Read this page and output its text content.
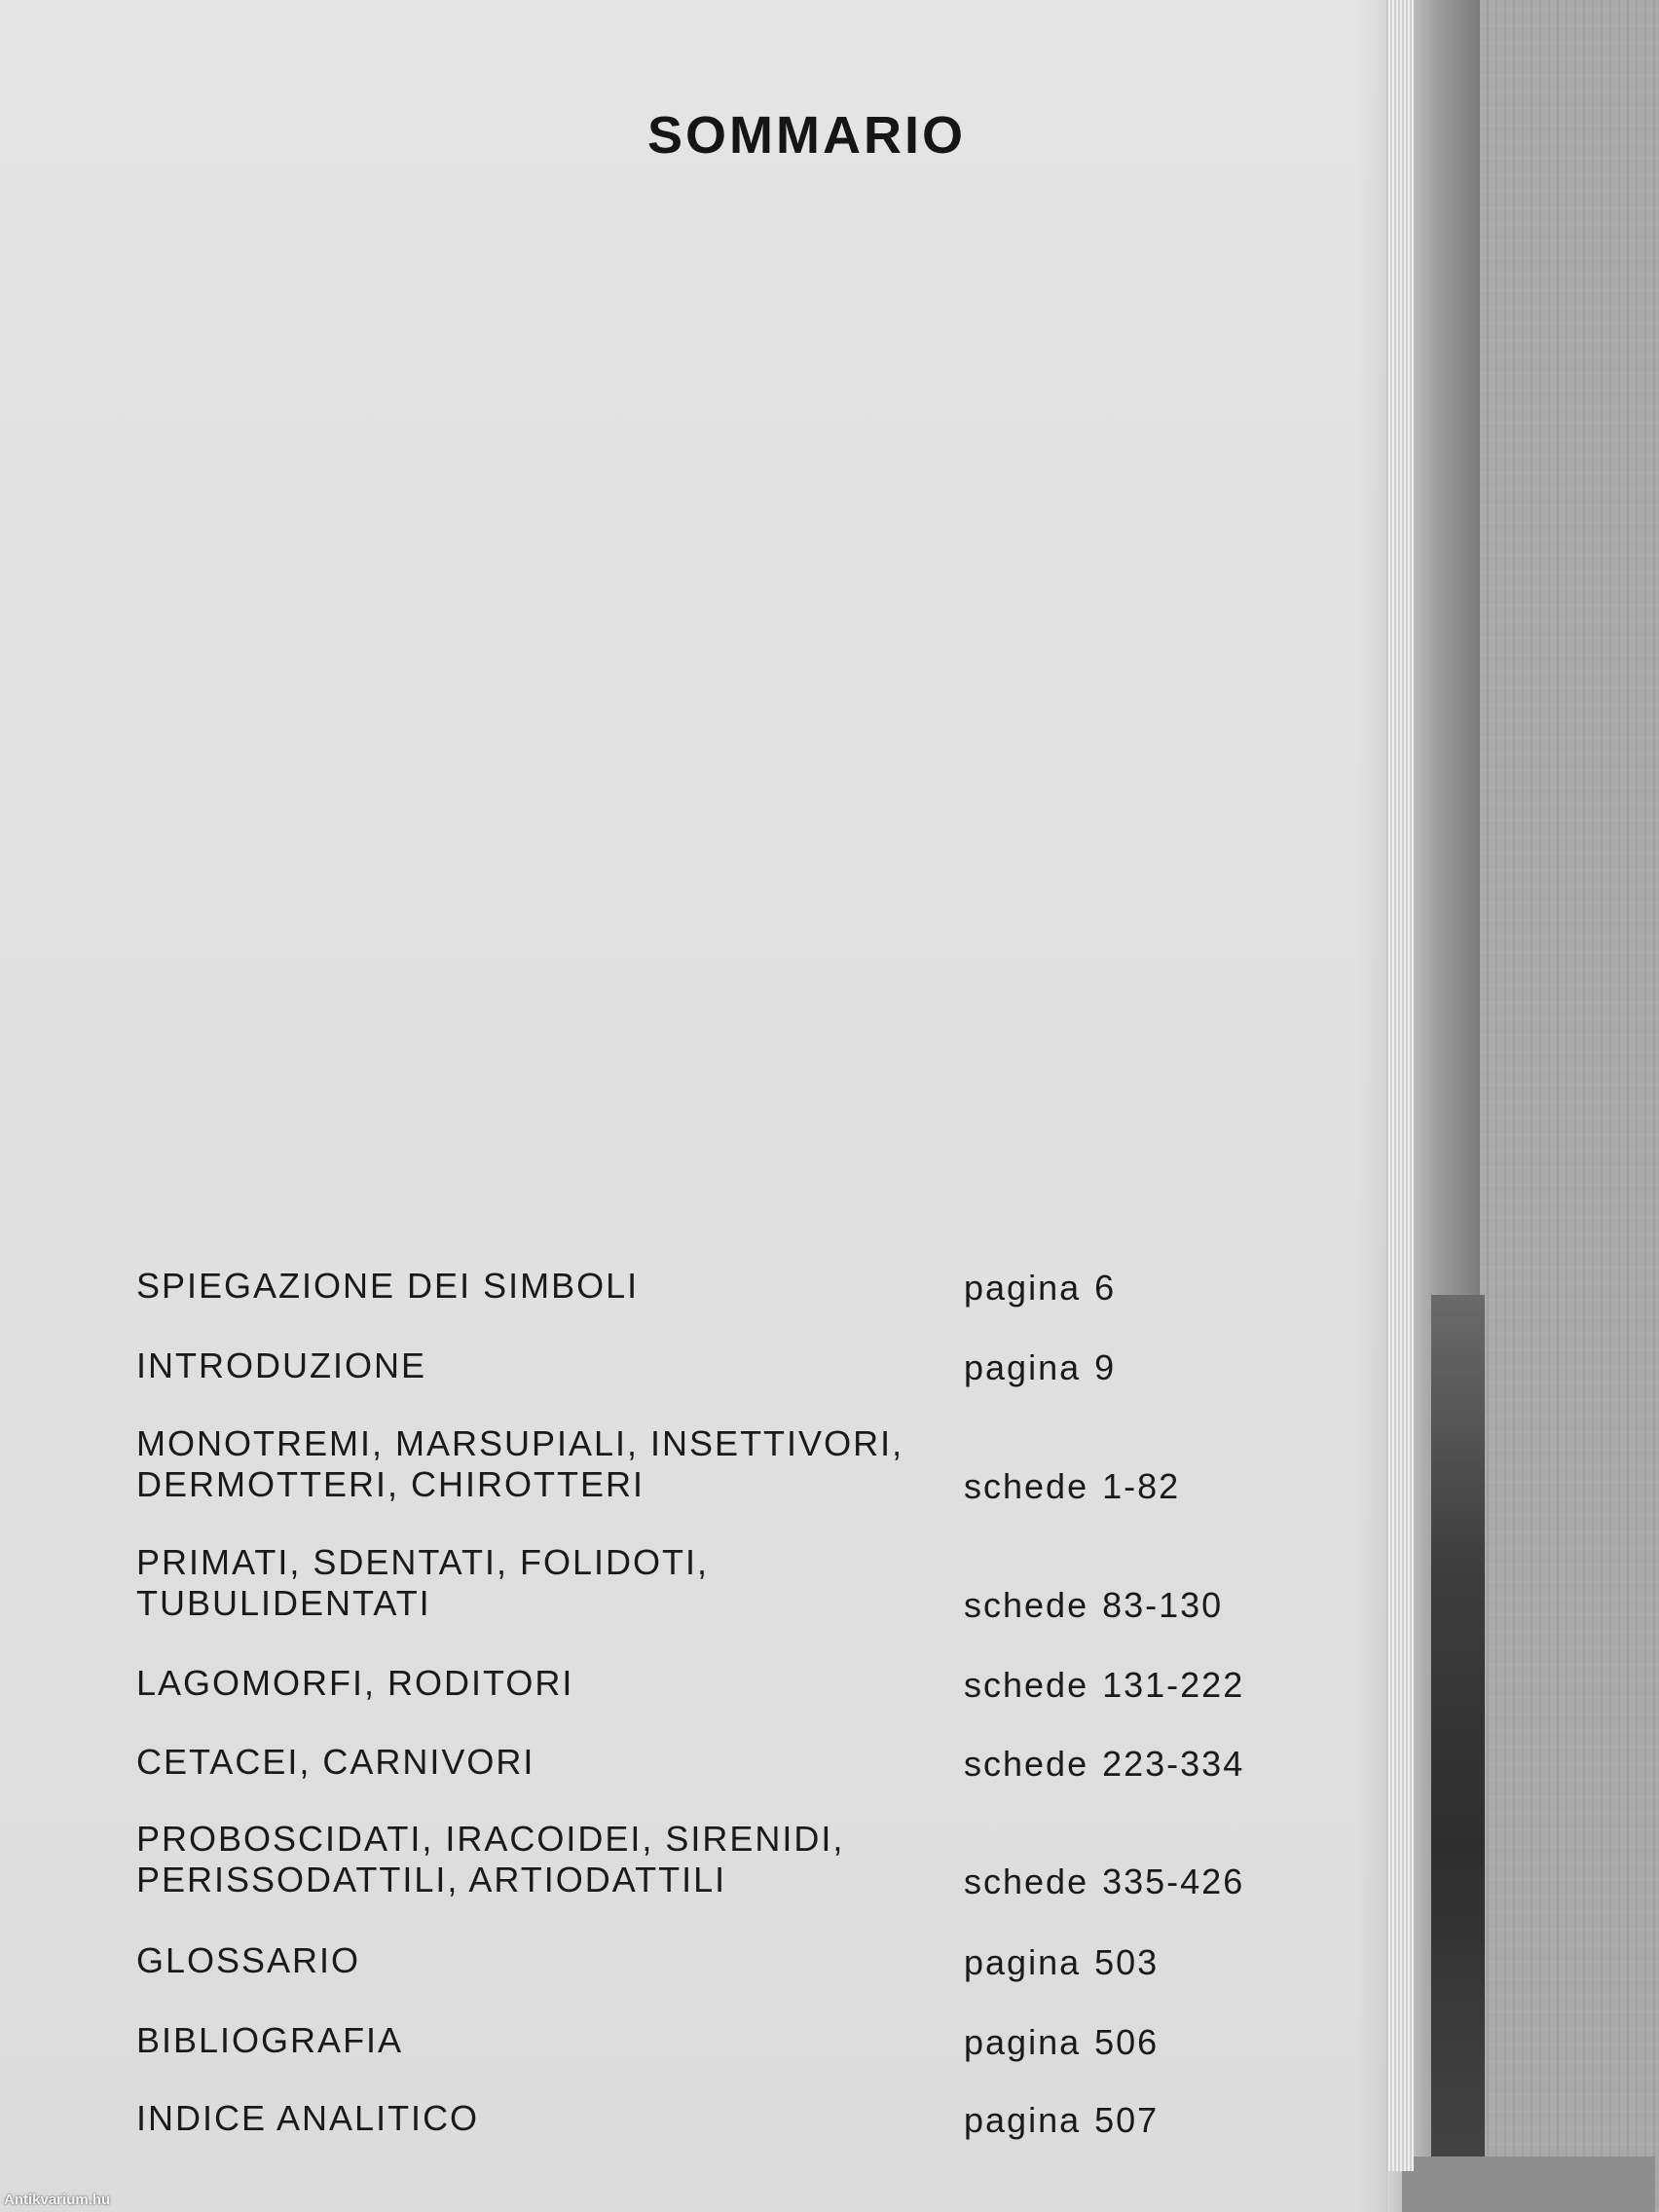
SOMMARIO
SPIEGAZIONE DEI SIMBOLI	pagina 6
INTRODUZIONE	pagina 9
MONOTREMI, MARSUPIALI, INSETTIVORI,
DERMOTTERI, CHIROTTERI	schede 1-82
PRIMATI, SDENTATI, FOLIDOTI,
TUBULIDENTATI	schede 83-130
LAGOMORFI, RODITORI	schede 131-222
CETACEI, CARNIVORI	schede 223-334
PROBOSCIDATI, IRACOIDEI, SIRENIDI,
PERISSODATTILI, ARTIODATTILI	schede 335-426
GLOSSARIO	pagina 503
BIBLIOGRAFIA	pagina 506
INDICE ANALITICO	pagina 507
Antikvarium.hu
